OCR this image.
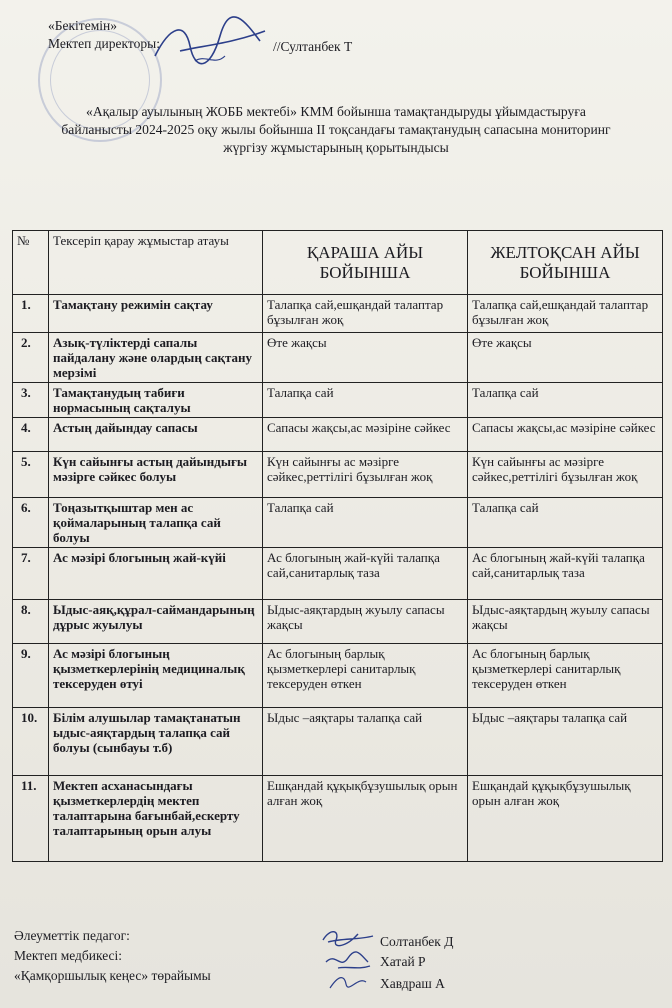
«Бекітемін»
Мектеп директоры:	//Султанбек Т
«Ақалыр ауылының ЖОББ мектебі» КММ бойынша тамақтандыруды ұйымдастыруға
байланысты 2024-2025 оқу жылы бойынша II тоқсандағы тамақтанудың сапасына мониторинг
жүргізу жұмыстарының қорытындысы
№	Тексеріп қарау жұмыстар атауы	ҚАРАША АЙЫ БОЙЫНША	ЖЕЛТОҚСАН АЙЫ БОЙЫНША
1.	Тамақтану режимін сақтау	Талапқа сай,ешқандай талаптар бұзылған жоқ	Талапқа сай,ешқандай талаптар бұзылған жоқ
2.	Азық-түліктерді сапалы пайдалану және олардың сақтану мерзімі	Өте жақсы	Өте жақсы
3.	Тамақтанудың табиғи нормасының сақталуы	Талапқа сай	Талапқа сай
4.	Астың дайындау сапасы	Сапасы жақсы,ас мәзіріне сәйкес	Сапасы жақсы,ас мәзіріне сәйкес
5.	Күн сайынғы астың дайындығы мәзірге сәйкес болуы	Күн сайынғы ас мәзірге сәйкес,реттілігі бұзылған жоқ	Күн сайынғы ас мәзірге сәйкес,реттілігі бұзылған жоқ
6.	Тоңазытқыштар мен ас қоймаларының талапқа сай болуы	Талапқа сай	Талапқа сай
7.	Ас мәзірі блогының жай-күйі	Ас блогының жай-күйі талапқа сай,санитарлық таза	Ас блогының жай-күйі талапқа сай,санитарлық таза
8.	Ыдыс-аяқ,құрал-саймандарының дұрыс жуылуы	Ыдыс-аяқтардың жуылу сапасы жақсы	Ыдыс-аяқтардың жуылу сапасы жақсы
9.	Ас мәзірі блогының қызметкерлерінің медициналық тексеруден өтуі	Ас блогының барлық қызметкерлері санитарлық тексеруден өткен	Ас блогының барлық қызметкерлері санитарлық тексеруден өткен
10.	Білім алушылар тамақтанатын ыдыс-аяқтардың талапқа сай болуы (сынбауы т.б)	Ыдыс –аяқтары талапқа сай	Ыдыс –аяқтары талапқа сай
11.	Мектеп асханасындағы қызметкерлердің мектеп талаптарына бағынбай,ескерту талаптарының орын алуы	Ешқандай құқықбұзушылық орын алған жоқ	Ешқандай құқықбұзушылық орын алған жоқ
Әлеуметтік педагог:
Мектеп медбикесі:
«Қамқоршылық кеңес» төрайымы
Солтанбек Д
Хатай Р
Хавдраш А
